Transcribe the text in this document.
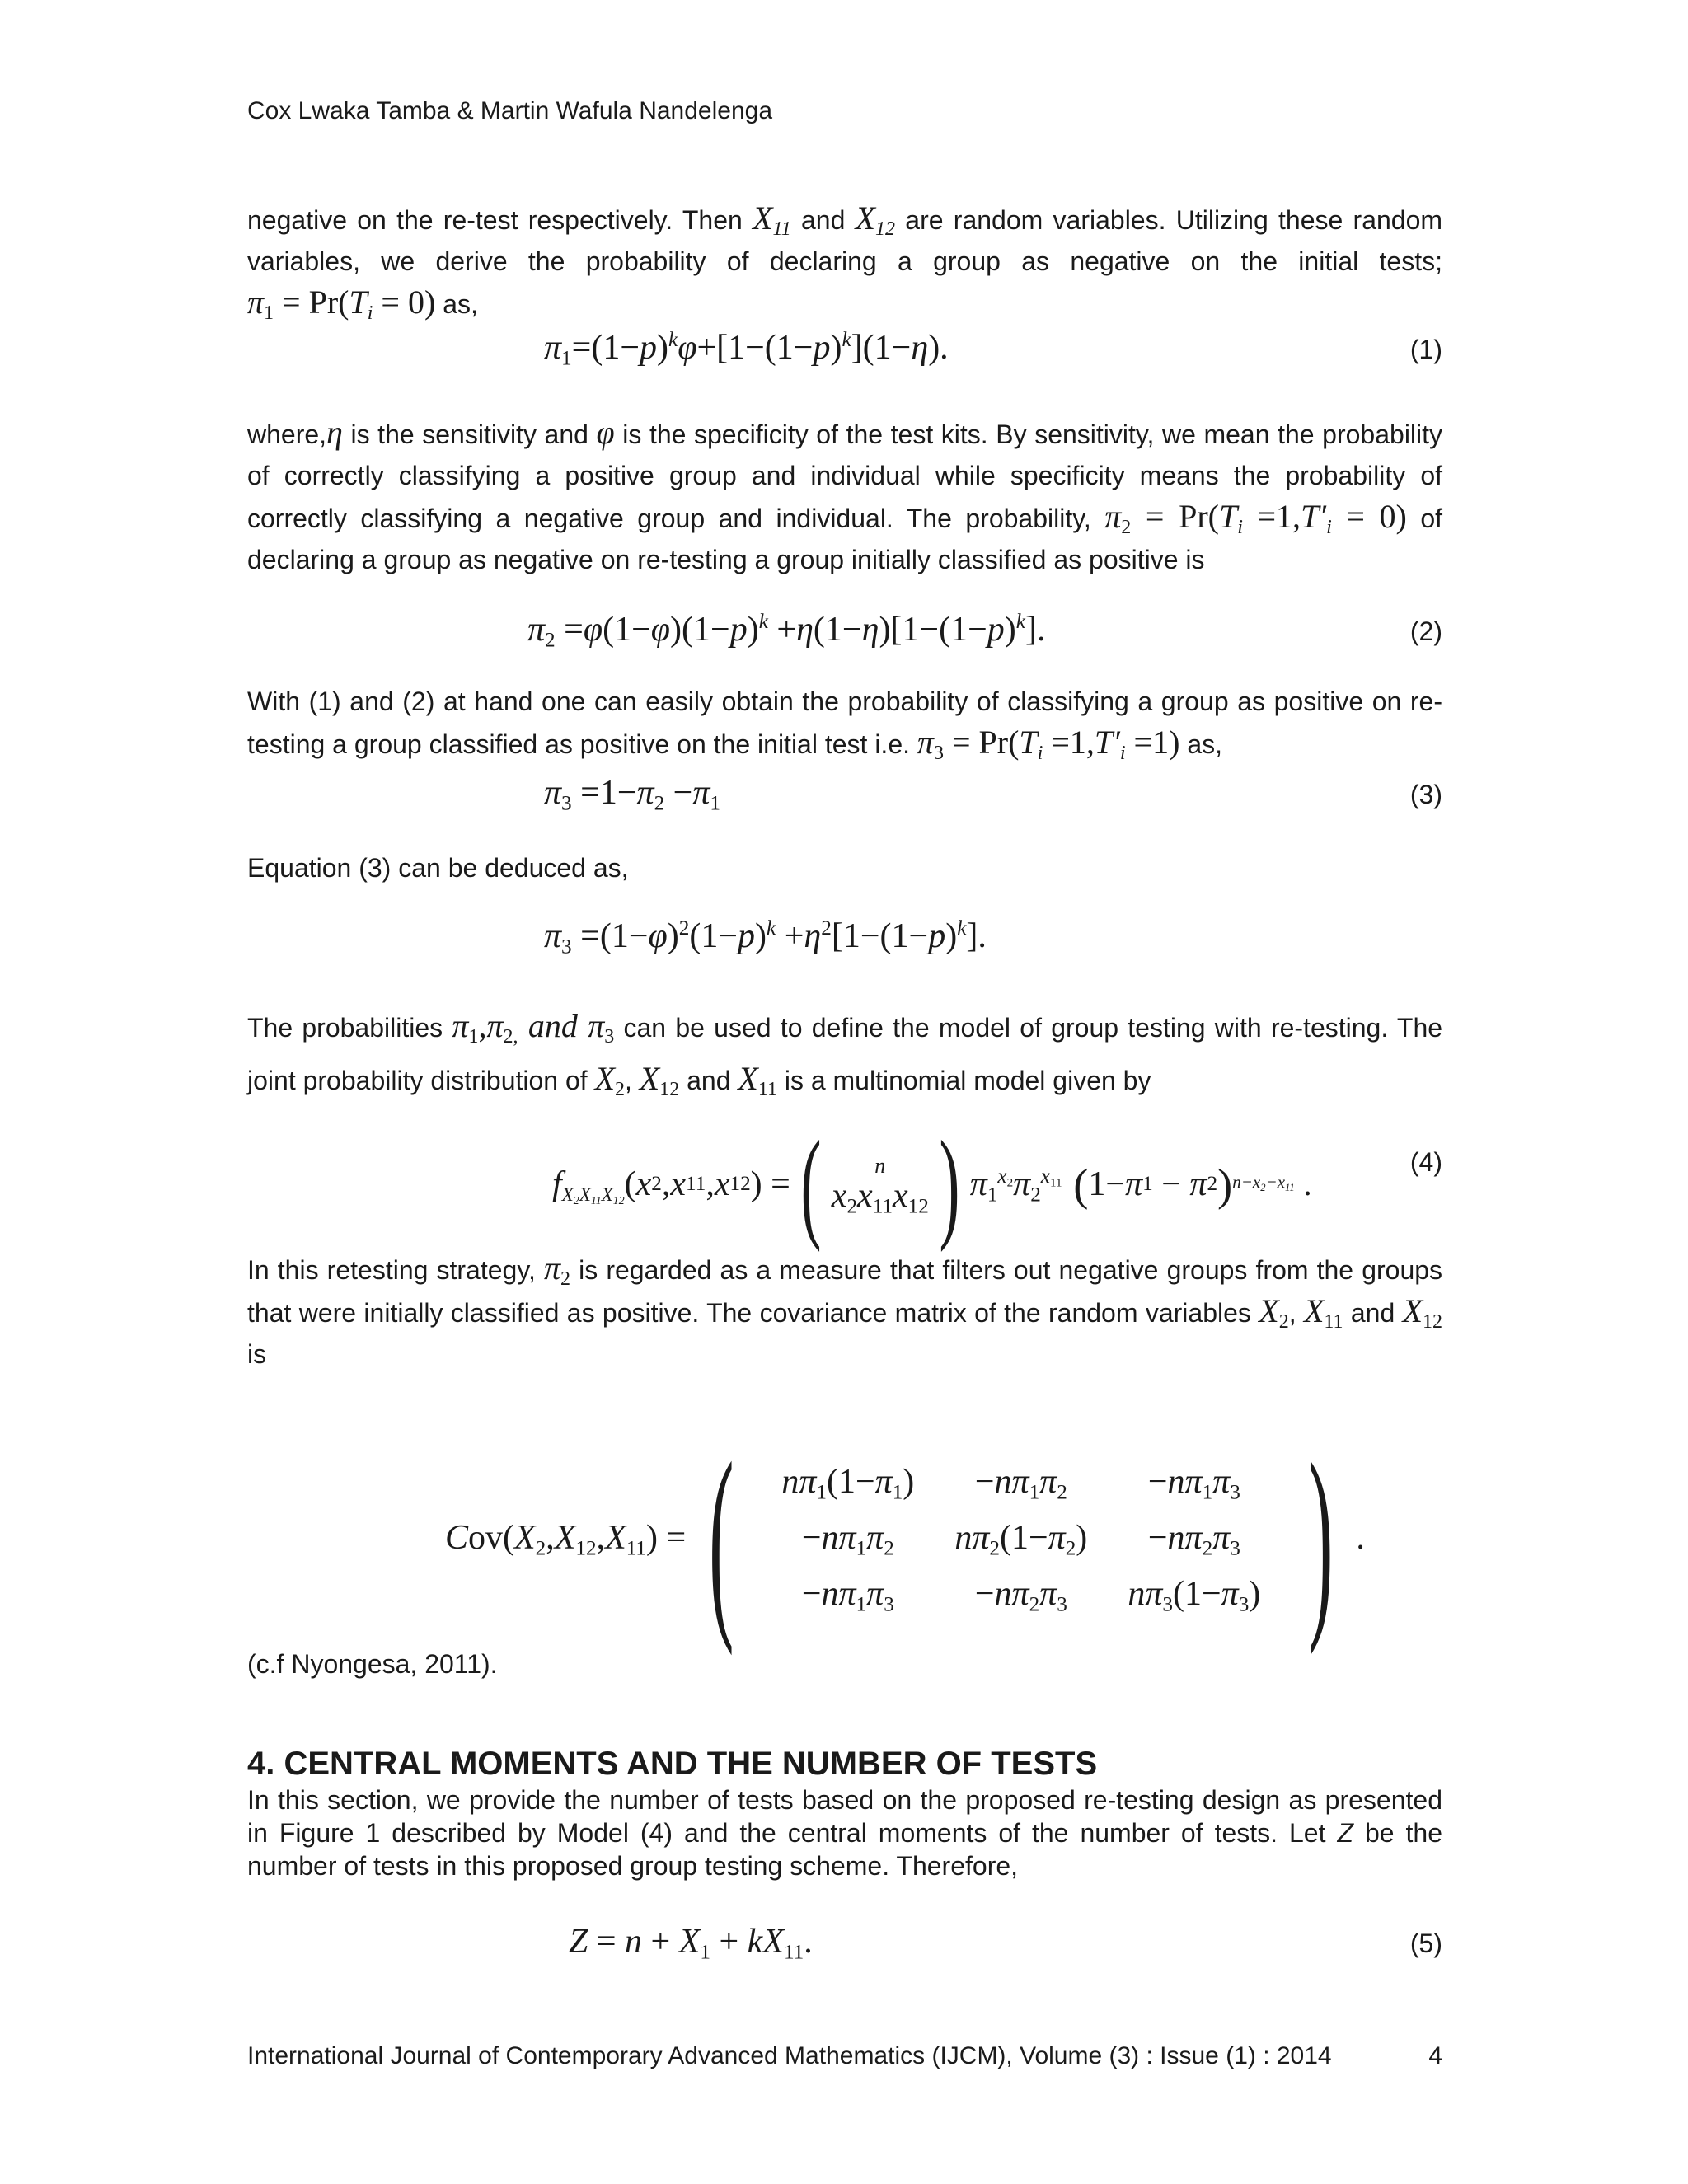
Cox Lwaka Tamba & Martin Wafula Nandelenga
negative on the re-test respectively. Then $X_{11}$ and $X_{12}$ are random variables. Utilizing these random variables, we derive the probability of declaring a group as negative on the initial tests; $\pi_1 = Pr(T_i = 0)$ as,
$\pi_1=(1-p)^k\varphi+[1-(1-p)^k](1-\eta)$.	(1)
where,η is the sensitivity and φ is the specificity of the test kits. By sensitivity, we mean the probability of correctly classifying a positive group and individual while specificity means the probability of correctly classifying a negative group and individual. The probability, $\pi_2 = Pr(T_i =1,T'_i = 0)$ of declaring a group as negative on re-testing a group initially classified as positive is
$\pi_2 =\varphi(1-\varphi)(1-p)^k +\eta(1-\eta)[1-(1-p)^k]$.	(2)
With (1) and (2) at hand one can easily obtain the probability of classifying a group as positive on re-testing a group classified as positive on the initial test i.e. $\pi_3 = Pr(T_i =1,T'_i =1)$ as,
$\pi_3 =1-\pi_2 -\pi_1$	(3)
Equation (3) can be deduced as,
$\pi_3 =(1-\varphi)^2(1-p)^k +\eta^2[1-(1-p)^k]$.
The probabilities $\pi_1,\pi_{2,}$ and $\pi_3$ can be used to define the model of group testing with re-testing. The joint probability distribution of $X_2$, $X_{12}$ and $X_{11}$ is a multinomial model given by
$f_{X_2X_{11}X_{12}}$ ( x 2 , x 11 , x 12 ) = ( n
$x_2x_{11}x_{12}$ ) $\pi_1^{x_2}\pi_2^{x_{11}}$ ( 1− π 1 − π 2 ) $n-x_2-x_{11}$ .
(4)
In this retesting strategy, $\pi_2$ is regarded as a measure that filters out negative groups from the groups that were initially classified as positive. The covariance matrix of the random variables $X_2$, $X_{11}$ and $X_{12}$ is
$Cov(X_2,X_{12},X_{11})$ = (	$n\pi_1(1-\pi_1)$	$-n\pi_1\pi_2$	$-n\pi_1\pi_3$
$-n\pi_1\pi_2$	$n\pi_2(1-\pi_2)$	$-n\pi_2\pi_3$
$-n\pi_1\pi_3$	$-n\pi_2\pi_3$	$n\pi_3(1-\pi_3)$ ) .
(c.f Nyongesa, 2011).
4. CENTRAL MOMENTS AND THE NUMBER OF TESTS
In this section, we provide the number of tests based on the proposed re-testing design as presented in Figure 1 described by Model (4) and the central moments of the number of tests. Let Z be the number of tests in this proposed group testing scheme. Therefore,
$Z = n + X_1 + kX_{11}$.	(5)
International Journal of Contemporary Advanced Mathematics (IJCM), Volume (3) : Issue (1) : 2014	4
